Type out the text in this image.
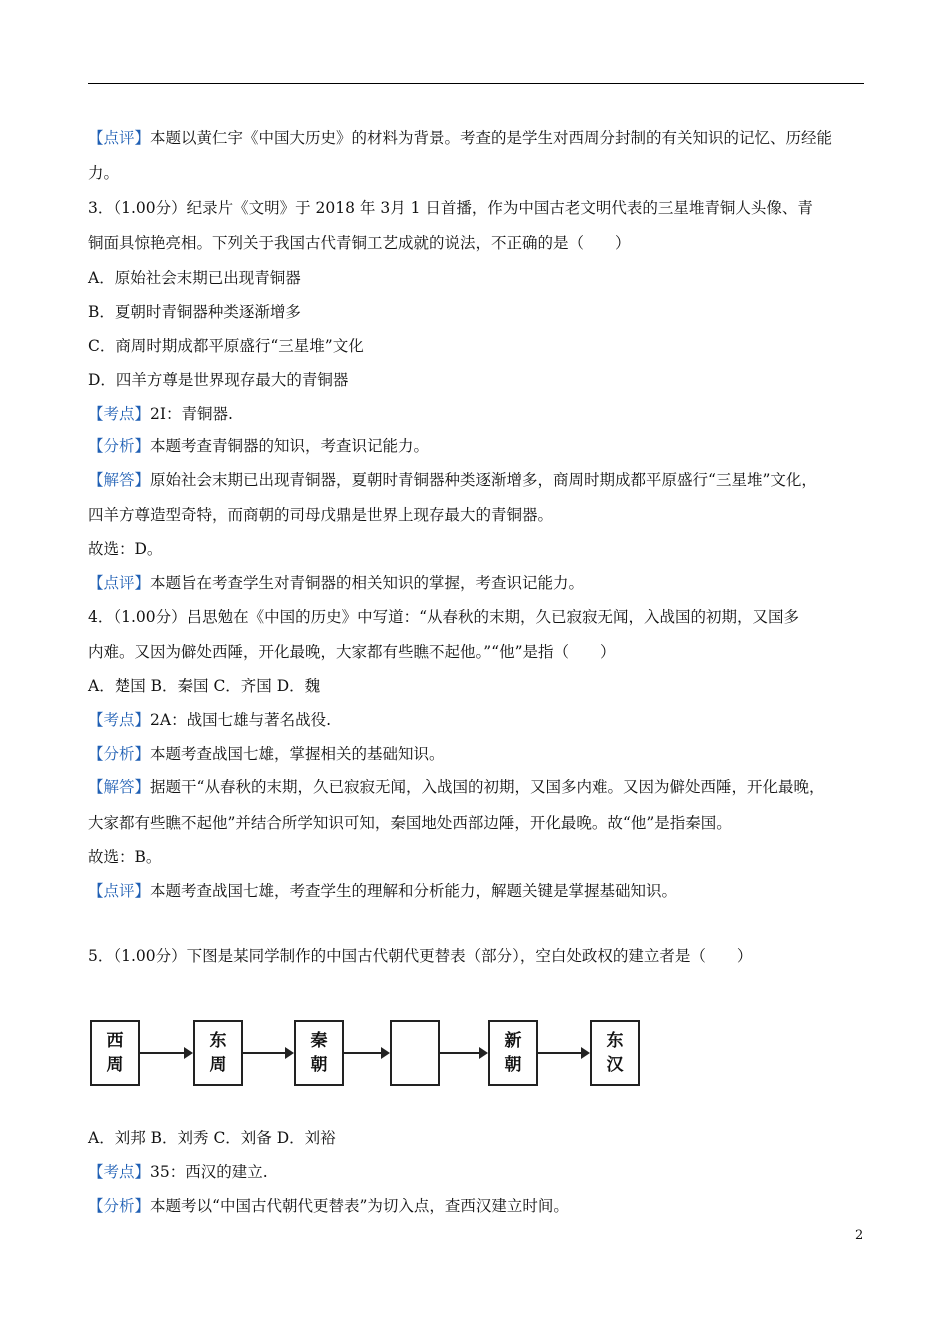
【点评】本题以黄仁宇《中国大历史》的材料为背景。考查的是学生对西周分封制的有关知识的记忆、历经能
力。
3．（1.00分）纪录片《文明》于 2018 年 3月 1 日首播，作为中国古老文明代表的三星堆青铜人头像、青
铜面具惊艳亮相。下列关于我国古代青铜工艺成就的说法，不正确的是（　　）
A．原始社会末期已出现青铜器
B．夏朝时青铜器种类逐渐增多
C．商周时期成都平原盛行“三星堆”文化
D．四羊方尊是世界现存最大的青铜器
【考点】2I：青铜器.
【分析】本题考查青铜器的知识，考查识记能力。
【解答】原始社会末期已出现青铜器，夏朝时青铜器种类逐渐增多，商周时期成都平原盛行“三星堆”文化，
四羊方尊造型奇特，而商朝的司母戊鼎是世界上现存最大的青铜器。
故选：D。
【点评】本题旨在考查学生对青铜器的相关知识的掌握，考查识记能力。
4．（1.00分）吕思勉在《中国的历史》中写道：“从春秋的末期，久已寂寂无闻，入战国的初期，又国多
内难。又因为僻处西陲，开化最晚，大家都有些瞧不起他。”“他”是指（　　）
A．楚国 B．秦国 C．齐国 D．魏
【考点】2A：战国七雄与著名战役.
【分析】本题考查战国七雄，掌握相关的基础知识。
【解答】据题干“从春秋的末期，久已寂寂无闻，入战国的初期，又国多内难。又因为僻处西陲，开化最晚，
大家都有些瞧不起他”并结合所学知识可知，秦国地处西部边陲，开化最晚。故“他”是指秦国。
故选：B。
【点评】本题考查战国七雄，考查学生的理解和分析能力，解题关键是掌握基础知识。
5．（1.00分）下图是某同学制作的中国古代朝代更替表（部分），空白处政权的建立者是（　　）
A．刘邦 B．刘秀 C．刘备 D．刘裕
【考点】35：西汉的建立.
【分析】本题考以“中国古代朝代更替表”为切入点，查西汉建立时间。
西
周
东
周
秦
朝
新
朝
东
汉
2
